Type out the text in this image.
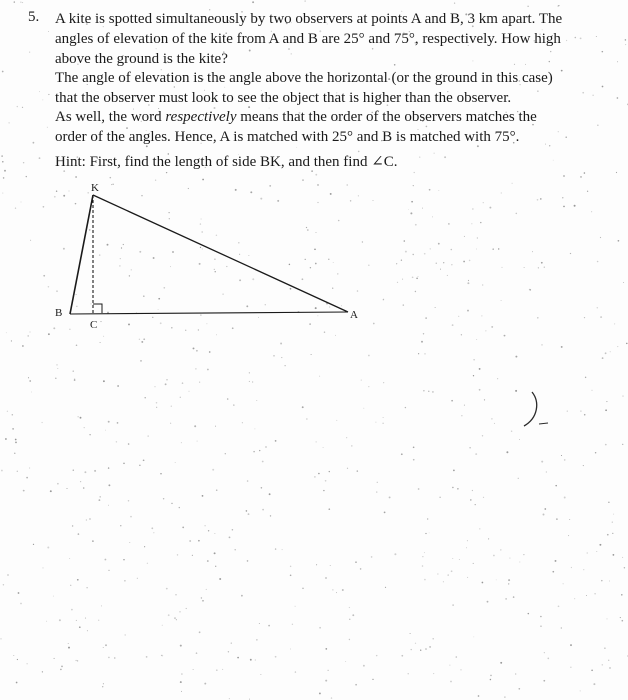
5. A kite is spotted simultaneously by two observers at points A and B, 3 km apart. The
angles of elevation of the kite from A and B are 25° and 75°, respectively. How high
above the ground is the kite?
The angle of elevation is the angle above the horizontal (or the ground in this case)
that the observer must look to see the object that is higher than the observer.
As well, the word respectively means that the order of the observers matches the
order of the angles. Hence, A is matched with 25° and B is matched with 75°.
Hint: First, find the length of side BK, and then find ∠C.
K
B
C
A
